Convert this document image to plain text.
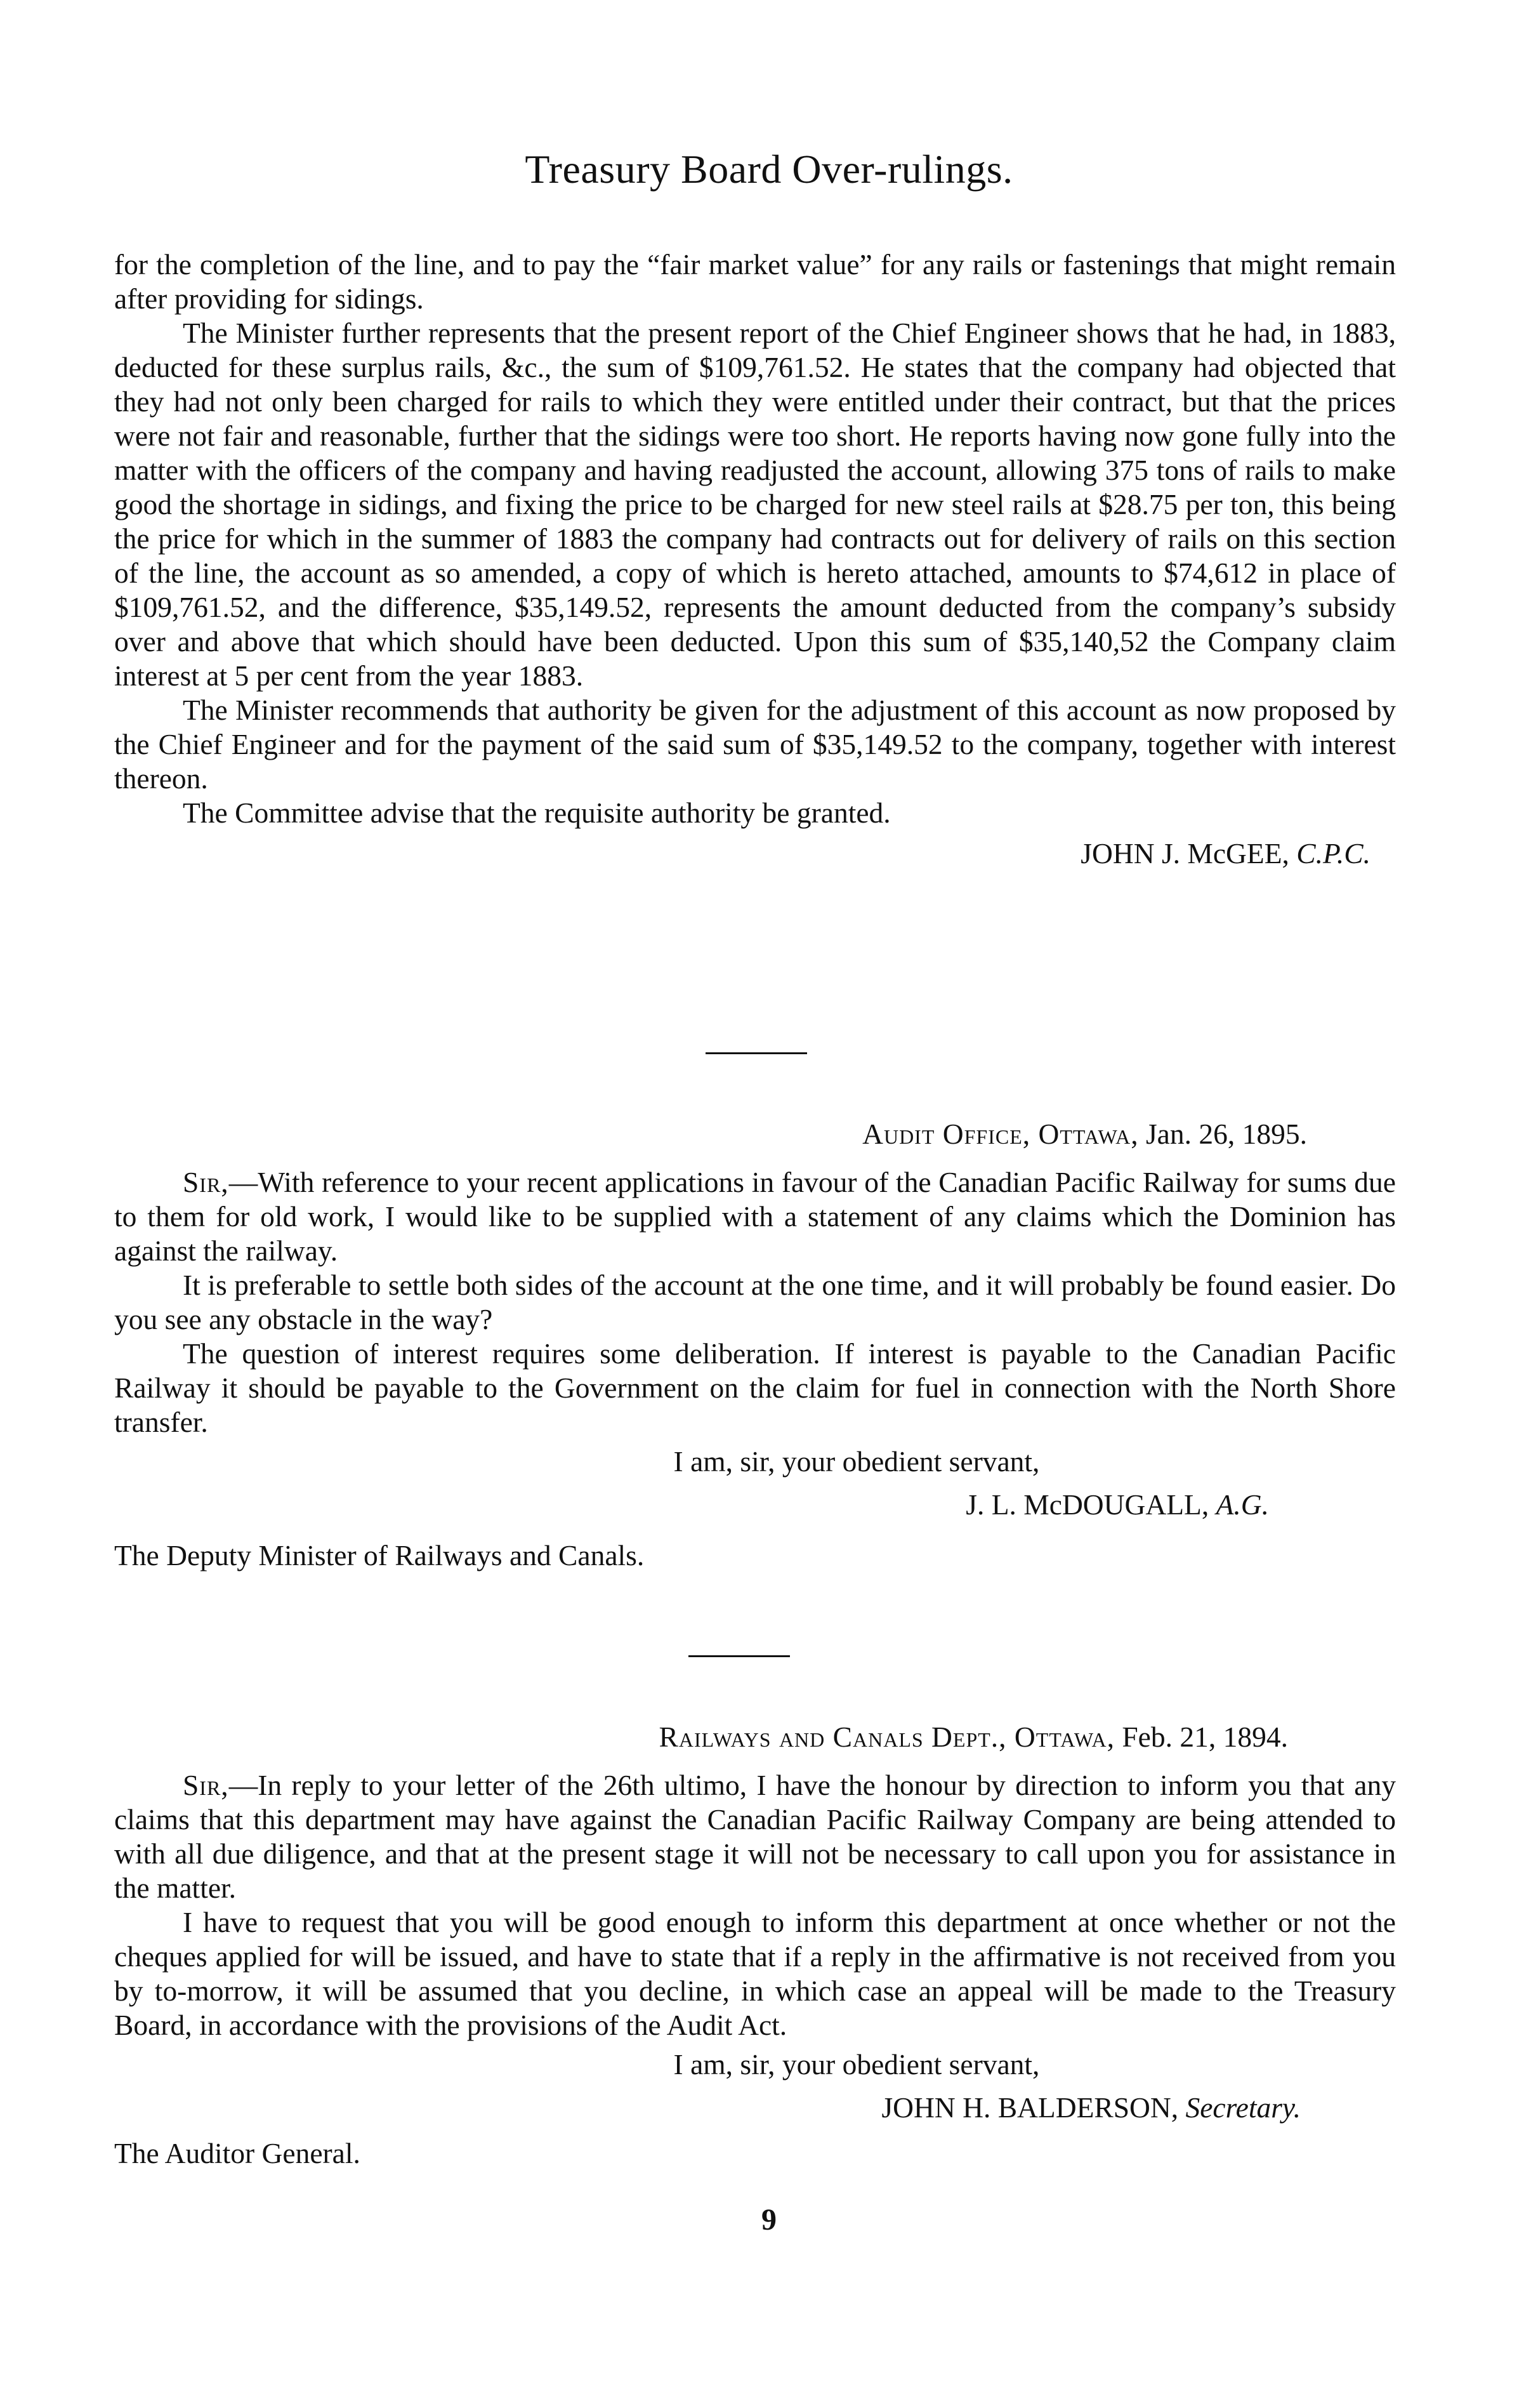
Treasury Board Over-rulings.

for the completion of the line, and to pay the “fair market value” for any rails or fastenings that might remain after providing for sidings.

The Minister further represents that the present report of the Chief Engineer shows that he had, in 1883, deducted for these surplus rails, &c., the sum of $109,761.52. He states that the company had objected that they had not only been charged for rails to which they were entitled under their contract, but that the prices were not fair and reasonable, further that the sidings were too short. He reports having now gone fully into the matter with the officers of the company and having readjusted the account, allowing 375 tons of rails to make good the shortage in sidings, and fixing the price to be charged for new steel rails at $28.75 per ton, this being the price for which in the summer of 1883 the company had contracts out for delivery of rails on this section of the line, the account as so amended, a copy of which is hereto attached, amounts to $74,612 in place of $109,761.52, and the difference, $35,149.52, represents the amount deducted from the company’s subsidy over and above that which should have been deducted. Upon this sum of $35,140,52 the Company claim interest at 5 per cent from the year 1883.

The Minister recommends that authority be given for the adjustment of this account as now proposed by the Chief Engineer and for the payment of the said sum of $35,149.52 to the company, together with interest thereon.

The Committee advise that the requisite authority be granted.

JOHN J. McGEE, C.P.C.

Audit Office, Ottawa, Jan. 26, 1895.

Sir,—With reference to your recent applications in favour of the Canadian Pacific Railway for sums due to them for old work, I would like to be supplied with a statement of any claims which the Dominion has against the railway.

It is preferable to settle both sides of the account at the one time, and it will probably be found easier. Do you see any obstacle in the way?

The question of interest requires some deliberation. If interest is payable to the Canadian Pacific Railway it should be payable to the Government on the claim for fuel in connection with the North Shore transfer.

I am, sir, your obedient servant,

J. L. McDOUGALL, A.G.

The Deputy Minister of Railways and Canals.

Railways and Canals Dept., Ottawa, Feb. 21, 1894.

Sir,—In reply to your letter of the 26th ultimo, I have the honour by direction to inform you that any claims that this department may have against the Canadian Pacific Railway Company are being attended to with all due diligence, and that at the present stage it will not be necessary to call upon you for assistance in the matter.

I have to request that you will be good enough to inform this department at once whether or not the cheques applied for will be issued, and have to state that if a reply in the affirmative is not received from you by to-morrow, it will be assumed that you decline, in which case an appeal will be made to the Treasury Board, in accordance with the provisions of the Audit Act.

I am, sir, your obedient servant,

JOHN H. BALDERSON, Secretary.

The Auditor General.

9
